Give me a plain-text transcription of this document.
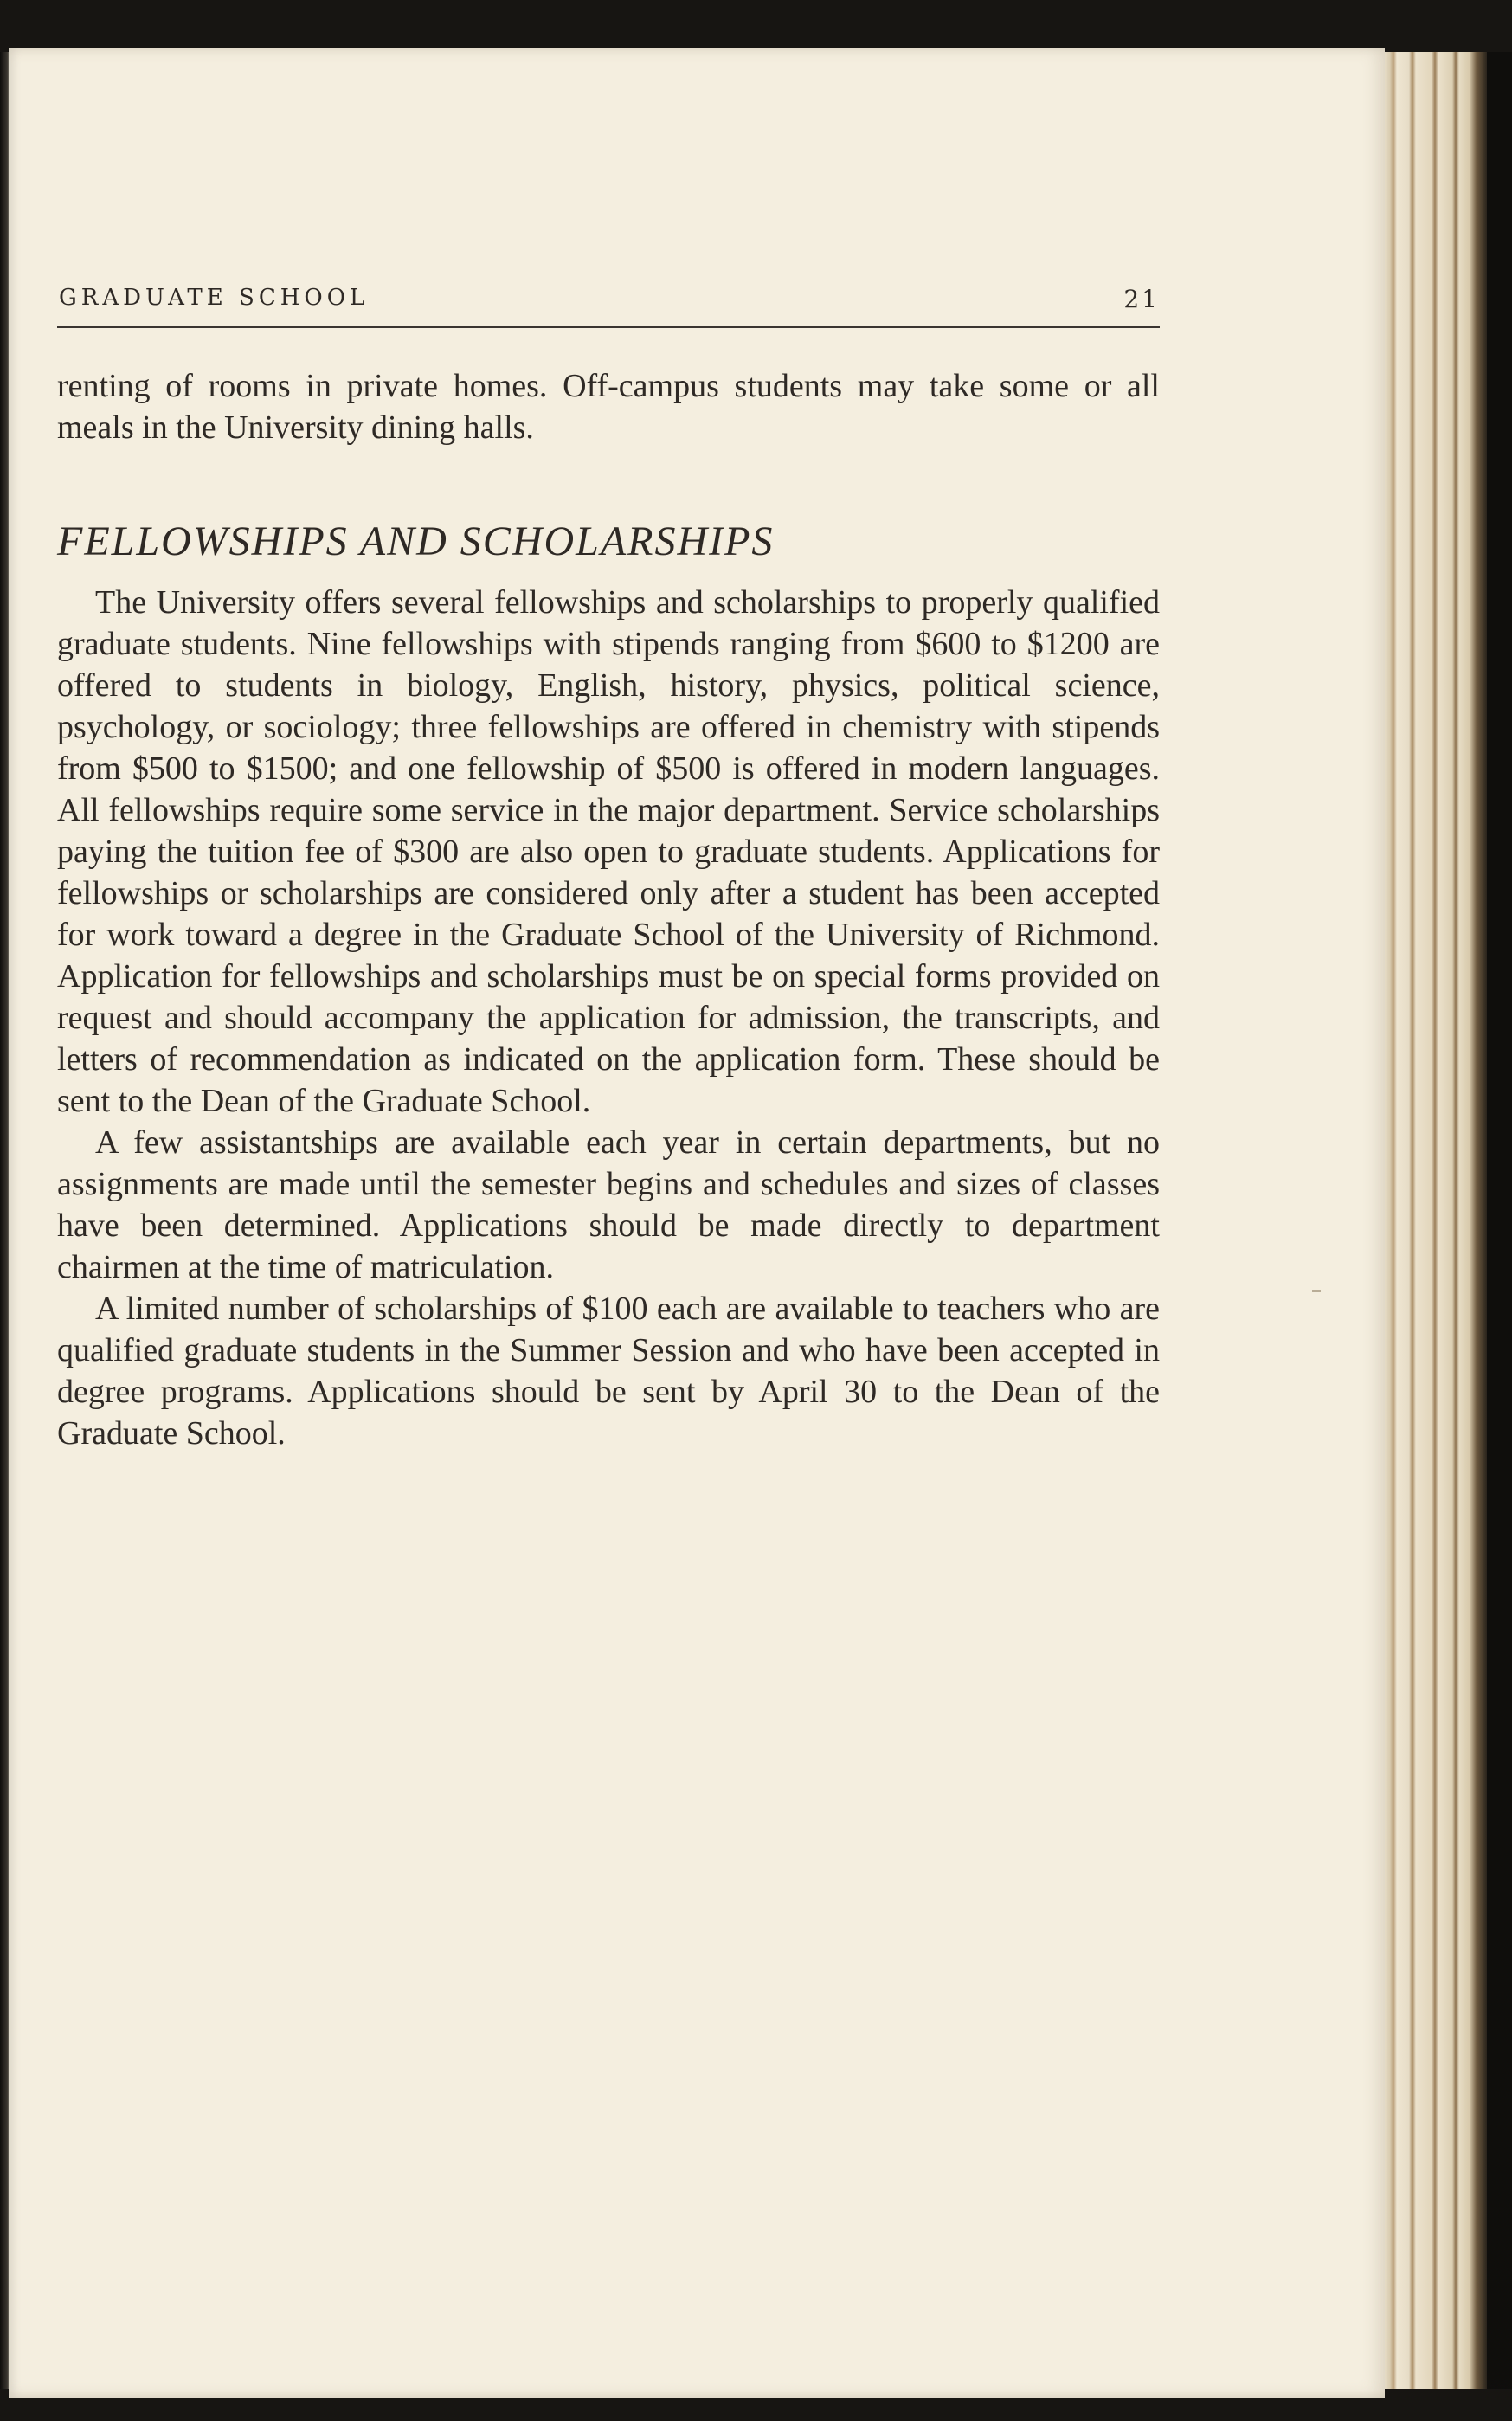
GRADUATE SCHOOL	21

renting of rooms in private homes. Off-campus students may take some or all meals in the University dining halls.

FELLOWSHIPS AND SCHOLARSHIPS

The University offers several fellowships and scholarships to properly qualified graduate students. Nine fellowships with stipends ranging from $600 to $1200 are offered to students in biology, English, history, physics, political science, psychology, or sociology; three fellowships are offered in chemistry with stipends from $500 to $1500; and one fellowship of $500 is offered in modern languages. All fellowships require some service in the major department. Service scholarships paying the tuition fee of $300 are also open to graduate students. Applications for fellowships or scholarships are considered only after a student has been accepted for work toward a degree in the Graduate School of the University of Richmond. Application for fellowships and scholarships must be on special forms provided on request and should accompany the application for admission, the transcripts, and letters of recommendation as indicated on the application form. These should be sent to the Dean of the Graduate School.

A few assistantships are available each year in certain departments, but no assignments are made until the semester begins and schedules and sizes of classes have been determined. Applications should be made directly to department chairmen at the time of matriculation.

A limited number of scholarships of $100 each are available to teachers who are qualified graduate students in the Summer Session and who have been accepted in degree programs. Applications should be sent by April 30 to the Dean of the Graduate School.
